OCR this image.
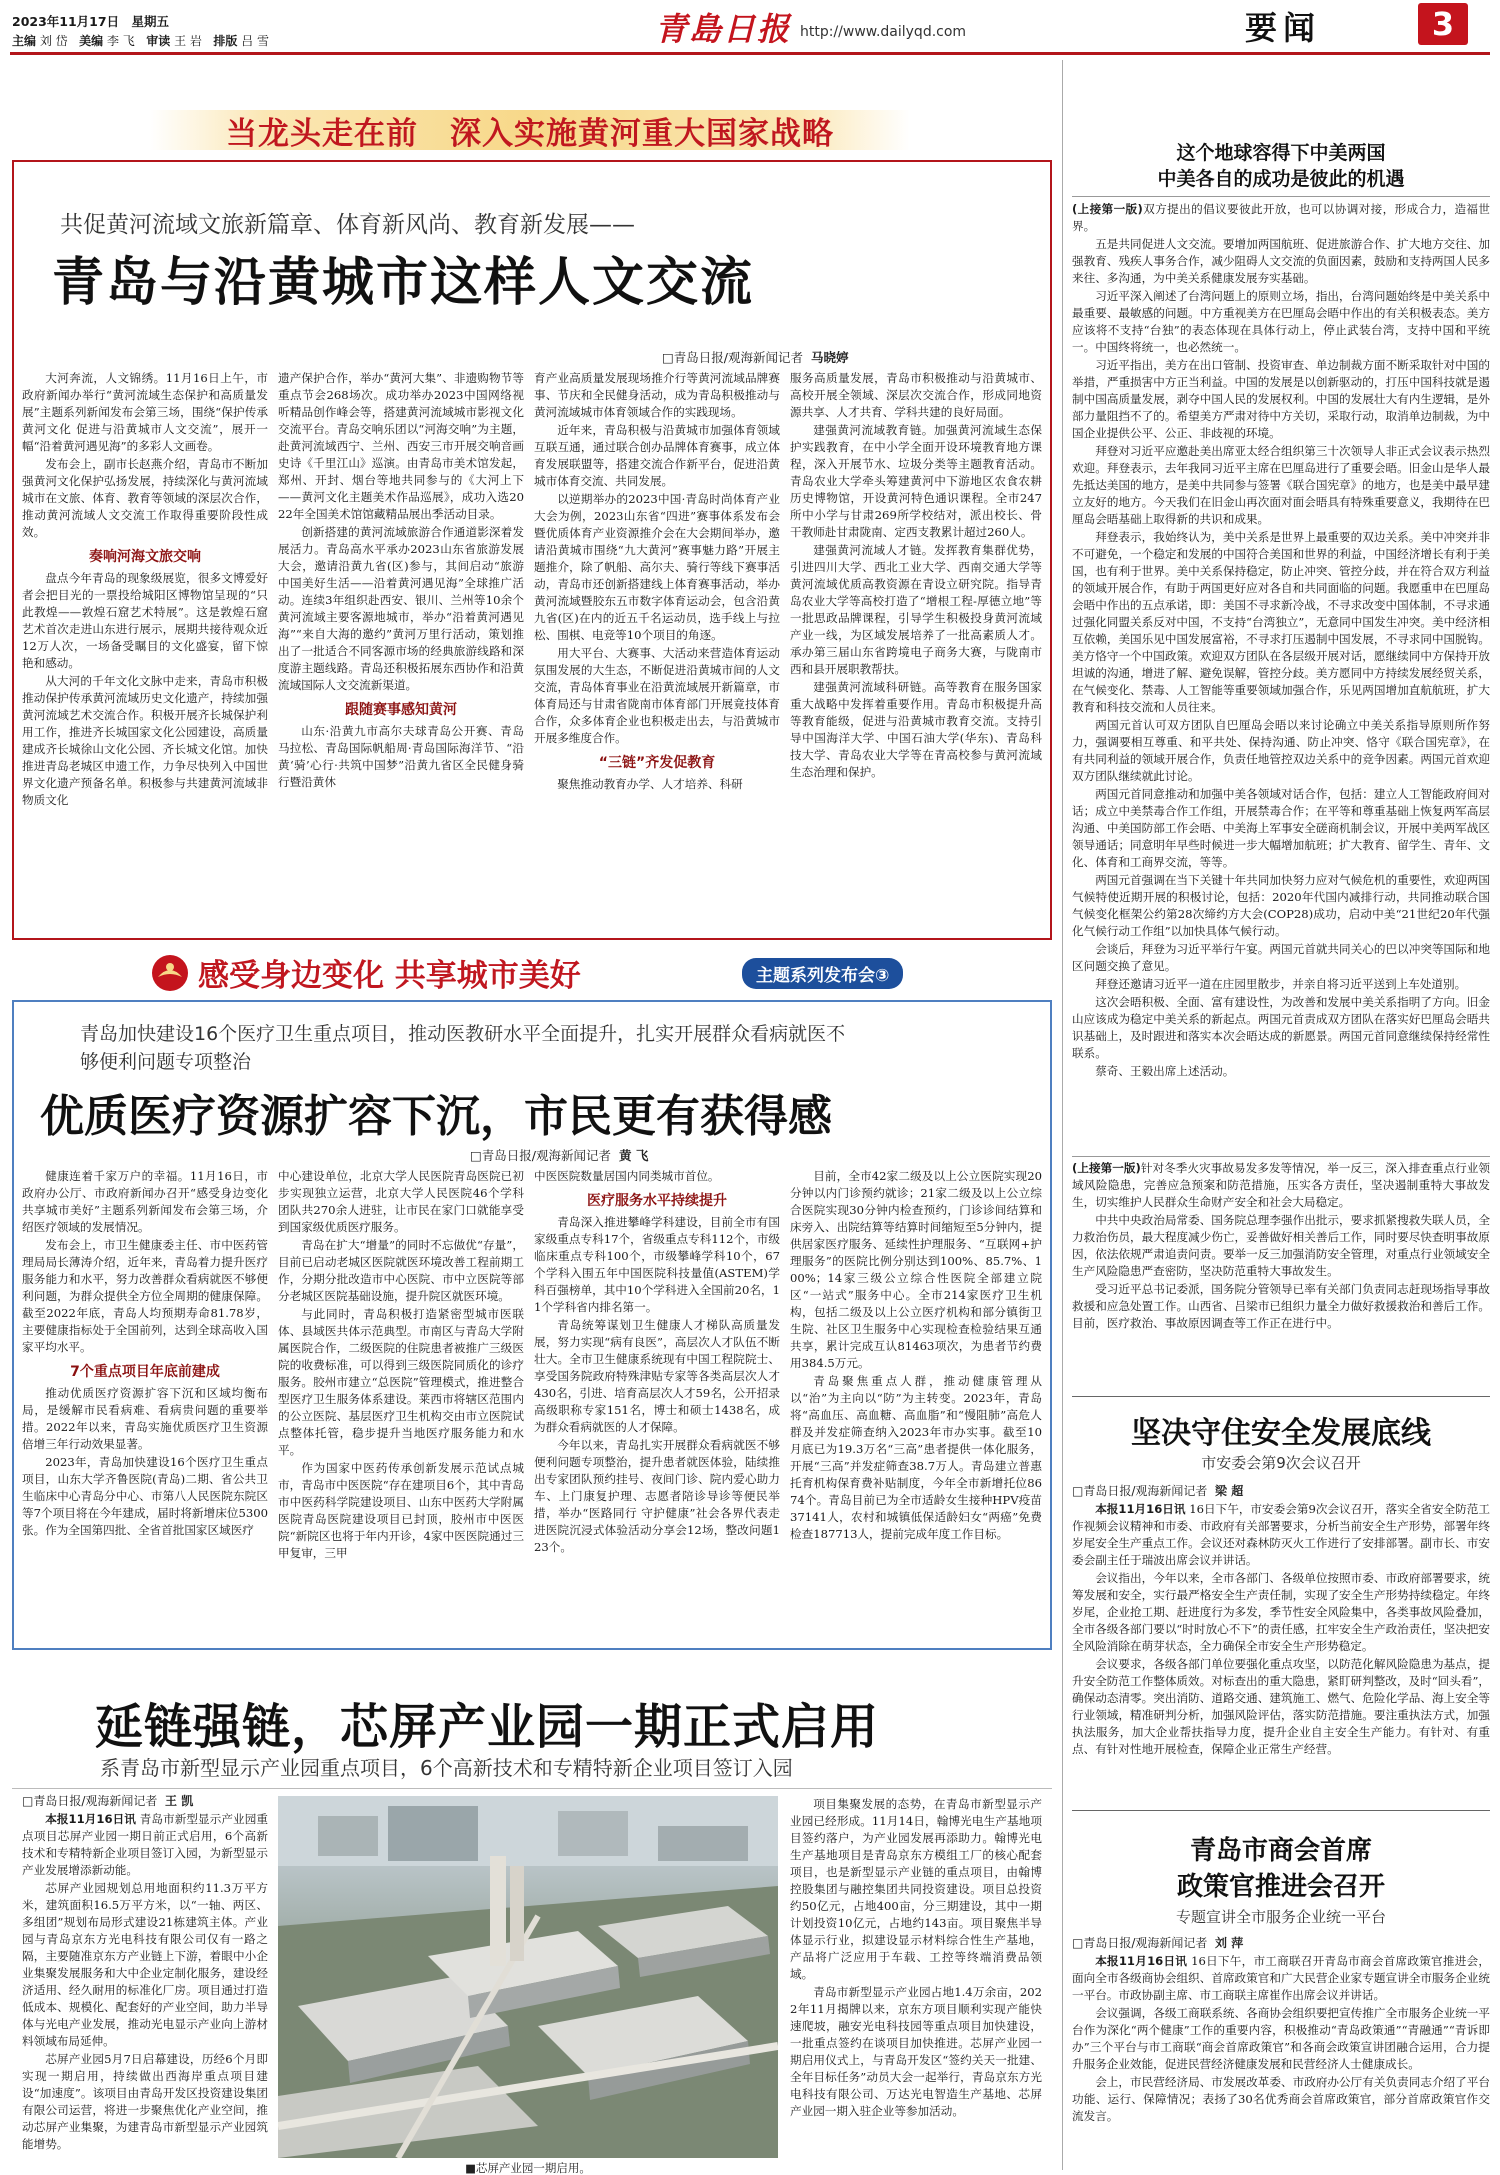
2023年11月17日 星期五
主编 刘 岱 美编 李 飞 审读 王 岩 排版 吕 雪	青島日报 http://www.dailyqd.com	要闻	3
当龙头走在前　深入实施黄河重大国家战略
共促黄河流域文旅新篇章、体育新风尚、教育新发展——
青岛与沿黄城市这样人文交流
□青岛日报/观海新闻记者 马晓婷

大河奔流，人文锦绣。11月16日上午，市政府新闻办举行“黄河流域生态保护和高质量发展”主题系列新闻发布会第三场，围绕“保护传承黄河文化 促进与沿黄城市人文交流”，展开一幅“沿着黄河遇见海”的多彩人文画卷。

发布会上，副市长赵燕介绍，青岛市不断加强黄河文化保护弘扬发展，持续深化与黄河流域城市在文旅、体育、教育等领域的深层次合作，推动黄河流域人文交流工作取得重要阶段性成效。

奏响河海文旅交响

盘点今年青岛的现象级展览，很多文博爱好者会把目光的一票投给城阳区博物馆呈现的“只此教煌——敦煌石窟艺术特展”。这是敦煌石窟艺术首次走进山东进行展示，展期共接待观众近12万人次，一场备受瞩目的文化盛宴，留下惊艳和感动。

从大河的千年文化文脉中走来，青岛市积极推动保护传承黄河流域历史文化遗产，持续加强黄河流域艺术交流合作。积极开展齐长城保护利用工作，推进齐长城国家文化公园建设，高质量建成齐长城徐山文化公园、齐长城文化馆。加快推进青岛老城区申遗工作，力争尽快列入中国世界文化遗产预备名单。积极参与共建黄河流域非物质文化

遗产保护合作，举办“黄河大集”、非遗购物节等重点节会268场次。成功举办2023中国网络视听精品创作峰会等，搭建黄河流域城市影视文化交流平台。青岛交响乐团以“河海交响”为主题，赴黄河流域西宁、兰州、西安三市开展交响音画史诗《千里江山》巡演。由青岛市美术馆发起，郑州、开封、烟台等地共同参与的《大河上下——黄河文化主题美术作品巡展》，成功入选2022年全国美术馆馆藏精品展出季活动目录。

创新搭建的黄河流域旅游合作通道影深着发展活力。青岛高水平承办2023山东省旅游发展大会，邀请沿黄九省(区)参与，其间启动“旅游中国美好生活——沿着黄河遇见海”全球推广活动。连续3年组织赴西安、银川、兰州等10余个黄河流域主要客源地城市，举办“沿着黄河遇见海”“来自大海的邀约”黄河万里行活动，策划推出了一批适合不同客源市场的经典旅游线路和深度游主题线路。青岛还积极拓展东西协作和沿黄流域国际人文交流新渠道。

跟随赛事感知黄河

山东·沿黄九市高尔夫球青岛公开赛、青岛马拉松、青岛国际帆船周·青岛国际海洋节、“沿黄‘骑’心行·共筑中国梦”沿黄九省区全民健身骑行暨沿黄休

育产业高质量发展现场推介行等黄河流域品牌赛事、节庆和全民健身活动，成为青岛积极推动与黄河流域城市体育领域合作的实践现场。

近年来，青岛积极与沿黄城市加强体育领域互联互通，通过联合创办品牌体育赛事，成立体育发展联盟等，搭建交流合作新平台，促进沿黄城市体育交流、共同发展。

以逆期举办的2023中国·青岛时尚体育产业大会为例，2023山东省“四进”赛事体系发布会暨优质体育产业资源推介会在大会期间举办，邀请沿黄城市围绕“九大黄河”赛事魅力路”开展主题推介，除了帆船、高尔夫、骑行等线下赛事活动，青岛市还创新搭建线上体育赛事活动，举办黄河流域暨胶东五市数字体育运动会，包含沿黄九省(区)在内的近五千名运动员，选手线上与拉松、围棋、电竞等10个项目的角逐。

用大平台、大赛事、大活动来营造体育运动氛围发展的大生态，不断促进沿黄城市间的人文交流，青岛体育事业在沿黄流域展开新篇章，市体育局还与甘肃省陇南市体育部门开展竟技体育合作，众多体育企业也积极走出去，与沿黄城市开展多维度合作。

“三链”齐发促教育

聚焦推动教育办学、人才培养、科研

服务高质量发展，青岛市积极推动与沿黄城市、高校开展全领域、深层次交流合作，形成同地资源共享、人才共育、学科共建的良好局面。

建强黄河流域教育链。加强黄河流域生态保护实践教育，在中小学全面开设环境教育地方课程，深入开展节水、垃圾分类等主题教育活动。青岛农业大学牵头筹建黄河中下游地区农食农耕历史博物馆，开设黄河特色通识课程。全市247所中小学与甘肃269所学校结对，派出校长、骨干教师赴甘肃陇南、定西支教累计超过260人。

建强黄河流域人才链。发挥教育集群优势，引进四川大学、西北工业大学、西南交通大学等黄河流域优质高教资源在青设立研究院。指导青岛农业大学等高校打造了“增根工程-厚德立地”等一批思政品牌课程，引导学生积极投身黄河流域产业一线，为区域发展培养了一批高素质人才。承办第三届山东省跨境电子商务大赛，与陇南市西和县开展职教帮扶。

建强黄河流域科研链。高等教育在服务国家重大战略中发挥着重要作用。青岛市积极提升高等教育能级，促进与沿黄城市教育交流。支持引导中国海洋大学、中国石油大学(华东)、青岛科技大学、青岛农业大学等在青高校参与黄河流域生态治理和保护。

感受身边变化 共享城市美好	主题系列发布会③
青岛加快建设16个医疗卫生重点项目，推动医教研水平全面提升，扎实开展群众看病就医不够便利问题专项整治
优质医疗资源扩容下沉，市民更有获得感
□青岛日报/观海新闻记者 黄 飞

健康连着千家万户的幸福。11月16日，市政府办公厅、市政府新闻办召开“感受身边变化 共享城市美好”主题系列新闻发布会第三场，介绍医疗领域的发展情况。

发布会上，市卫生健康委主任、市中医药管理局局长薄涛介绍，近年来，青岛着力提升医疗服务能力和水平，努力改善群众看病就医不够便利问题，为群众提供全方位全周期的健康保障。截至2022年底，青岛人均预期寿命81.78岁，主要健康指标处于全国前列，达到全球高收入国家平均水平。

7个重点项目年底前建成

推动优质医疗资源扩容下沉和区域均衡布局，是缓解市民看病难、看病贵问题的重要举措。2022年以来，青岛实施优质医疗卫生资源倍增三年行动效果显著。

2023年，青岛加快建设16个医疗卫生重点项目，山东大学齐鲁医院(青岛)二期、省公共卫生临床中心青岛分中心、市第八人民医院东院区等7个项目将在今年建成，届时将新增床位5300张。作为全国第四批、全省首批国家区域医疗

中心建设单位，北京大学人民医院青岛医院已初步实现独立运营，北京大学人民医院46个学科团队共270余人进驻，让市民在家门口就能享受到国家级优质医疗服务。

青岛在扩大“增量”的同时不忘做优“存量”，目前已启动老城区医院就医环境改善工程前期工作，分期分批改造市中心医院、市中立医院等部分老城区医院基础设施，提升院区就医环境。

与此同时，青岛积极打造紧密型城市医联体、县域医共体示范典型。市南区与青岛大学附属医院合作，二级医院的住院患者被推广三级医院的收费标准，可以得到三级医院同质化的诊疗服务。胶州市建立“总医院”管理模式，推进整合型医疗卫生服务体系建设。莱西市将辖区范围内的公立医院、基层医疗卫生机构交由市立医院试点整体托管，稳步提升当地医疗服务能力和水平。

作为国家中医药传承创新发展示范试点城市，青岛市中医医院“存在建项目6个，其中青岛市中医药科学院建设项目、山东中医药大学附属医院青岛医院建设项目已封顶，胶州市中医医院“新院区也将于年内开诊，4家中医医院通过三甲复审，三甲

中医医院数量居国内同类城市首位。

医疗服务水平持续提升

青岛深入推进攀峰学科建设，目前全市有国家级重点专科17个，省级重点专科112个，市级临床重点专科100个，市级攀峰学科10个，67个学科入围五年中国医院科技量值(ASTEM)学科百强榜单，其中10个学科进入全国前20名，11个学科省内排名第一。

青岛统筹谋划卫生健康人才梯队高质量发展，努力实现“病有良医”，高层次人才队伍不断壮大。全市卫生健康系统现有中国工程院院士、享受国务院政府特殊津贴专家等各类高层次人才430名，引进、培育高层次人才59名，公开招录高级职称专家151名，博士和硕士1438名，成为群众看病就医的人才保障。

今年以来，青岛扎实开展群众看病就医不够便利问题专项整治，提升患者就医体验，陆续推出专家团队预约挂号、夜间门诊、院内爱心助力车、上门康复护理、志愿者陪诊导诊等便民举措，举办“医路同行 守护健康”社会各界代表走进医院沉浸式体验活动分享会12场，整改问题123个。

目前，全市42家二级及以上公立医院实现20分钟以内门诊预约就诊；21家二级及以上公立综合医院实现30分钟内检查预约，门诊诊间结算和床旁入、出院结算等结算时间缩短至5分钟内，提供居家医疗服务、延续性护理服务、“互联网+护理服务”的医院比例分别达到100%、85.7%、100%；14家三级公立综合性医院全部建立院区“一站式”服务中心。全市214家医疗卫生机构，包括二级及以上公立医疗机构和部分镇街卫生院、社区卫生服务中心实现检查检验结果互通共享，累计完成互认81463项次，为患者节约费用384.5万元。

青岛聚焦重点人群，推动健康管理从以“治”为主向以“防”为主转变。2023年，青岛将“高血压、高血糖、高血脂”和“慢阻肺”高危人群及并发症筛查纳入2023年市办实事。截至10月底已为19.3万名“三高”患者提供一体化服务，开展“三高”并发症筛查38.7万人。青岛建立普惠托育机构保育费补贴制度，今年全市新增托位8674个。青岛目前已为全市适龄女生接种HPV疫苗37141人，农村和城镇低保适龄妇女“两癌”免费检查187713人，提前完成年度工作目标。

延链强链，芯屏产业园一期正式启用
系青岛市新型显示产业园重点项目，6个高新技术和专精特新企业项目签订入园
□青岛日报/观海新闻记者 王 凯

本报11月16日讯 青岛市新型显示产业园重点项目芯屏产业园一期日前正式启用，6个高新技术和专精特新企业项目签订入园，为新型显示产业发展增添新动能。

芯屏产业园规划总用地面积约11.3万平方米，建筑面积16.5万平方米，以“一轴、两区、多组团”规划布局形式建设21栋建筑主体。产业园与青岛京东方光电科技有限公司仅有一路之隔，主要随准京东方产业链上下游，着眼中小企业集聚发展服务和大中企业定制化服务，建设经济适用、经久耐用的标准化厂房。项目通过打造低成本、规模化、配套好的产业空间，助力半导体与光电产业发展，推动光电显示产业向上游材料领域布局延伸。

芯屏产业园5月7日启幕建设，历经6个月即实现一期启用，持续做出西海岸重点项目建设“加速度”。该项目由青岛开发区投资建设集团有限公司运营，将进一步聚焦优化产业空间，推动芯屏产业集聚，为建青岛市新型显示产业园筑能增势。

■芯屏产业园一期启用。

项目集聚发展的态势，在青岛市新型显示产业园已经形成。11月14日，翰博光电生产基地项目签约落户，为产业园发展再添助力。翰博光电生产基地项目是青岛京东方模组工厂的核心配套项目，也是新型显示产业链的重点项目，由翰博控股集团与融控集团共同投资建设。项目总投资约50亿元，占地400亩，分三期建设，其中一期计划投资10亿元，占地约143亩。项目聚焦半导体显示行业，拟建设显示材料综合性生产基地，产品将广泛应用于车载、工控等终端消费品领域。

青岛市新型显示产业园占地1.4万余亩，2022年11月揭牌以来，京东方项目顺利实现产能快速爬坡，融安光电科技园等重点项目加快建设，一批重点签约在谈项目加快推进。芯屏产业园一期启用仪式上，与青岛开发区“签约关天一批建、全年目标任务”动员大会一起举行，青岛京东方光电科技有限公司、万达光电智造生产基地、芯屏产业园一期入驻企业等参加活动。

这个地球容得下中美两国
中美各自的成功是彼此的机遇

(上接第一版)双方提出的倡议要彼此开放，也可以协调对接，形成合力，造福世界。

五是共同促进人文交流。要增加两国航班、促进旅游合作、扩大地方交往、加强教育、残疾人事务合作，减少阻碍人文交流的负面因素，鼓励和支持两国人民多来往、多沟通，为中美关系健康发展夯实基础。

习近平深入阐述了台湾问题上的原则立场，指出，台湾问题始终是中美关系中最重要、最敏感的问题。中方重视美方在巴厘岛会晤中作出的有关积极表态。美方应该将不支持“台独”的表态体现在具体行动上，停止武装台湾，支持中国和平统一。中国终将统一，也必然统一。

习近平指出，美方在出口管制、投资审查、单边制裁方面不断采取针对中国的举措，严重损害中方正当利益。中国的发展是以创新驱动的，打压中国科技就是遏制中国高质量发展，剥夺中国人民的发展权利。中国的发展壮大有内生逻辑，是外部力量阻挡不了的。希望美方严肃对待中方关切，采取行动，取消单边制裁，为中国企业提供公平、公正、非歧视的环境。

拜登对习近平应邀赴美出席亚太经合组织第三十次领导人非正式会议表示热烈欢迎。拜登表示，去年我同习近平主席在巴厘岛进行了重要会晤。旧金山是华人最先抵达美国的地方，是美中共同参与签署《联合国宪章》的地方，也是美中最早建立友好的地方。今天我们在旧金山再次面对面会晤具有特殊重要意义，我期待在巴厘岛会晤基础上取得新的共识和成果。

拜登表示，我始终认为，美中关系是世界上最重要的双边关系。美中冲突并非不可避免，一个稳定和发展的中国符合美国和世界的利益，中国经济增长有利于美国，也有利于世界。美中关系保持稳定，防止冲突、管控分歧，并在符合双方利益的领域开展合作，有助于两国更好应对各自和共同面临的问题。我愿重申在巴厘岛会晤中作出的五点承诺，即：美国不寻求新冷战，不寻求改变中国体制，不寻求通过强化同盟关系反对中国，不支持“台湾独立”，无意同中国发生冲突。美中经济相互依赖，美国乐见中国发展富裕，不寻求打压遏制中国发展，不寻求同中国脱钩。美方恪守一个中国政策。欢迎双方团队在各层级开展对话，愿继续同中方保持开放坦诚的沟通，增进了解、避免误解，管控分歧。美方愿同中方持续发展经贸关系，在气候变化、禁毒、人工智能等重要领域加强合作，乐见两国增加直航航班，扩大教育和科技交流和人员往来。

两国元首认可双方团队自巴厘岛会晤以来讨论确立中美关系指导原则所作努力，强调要相互尊重、和平共处、保持沟通、防止冲突、恪守《联合国宪章》，在有共同利益的领域开展合作，负责任地管控双边关系中的竞争因素。两国元首欢迎双方团队继续就此讨论。

两国元首同意推动和加强中美各领域对话合作，包括：建立人工智能政府间对话；成立中美禁毒合作工作组，开展禁毒合作；在平等和尊重基础上恢复两军高层沟通、中美国防部工作会晤、中美海上军事安全磋商机制会议，开展中美两军战区领导通话；同意明年早些时候进一步大幅增加航班；扩大教育、留学生、青年、文化、体育和工商界交流，等等。

两国元首强调在当下关键十年共同加快努力应对气候危机的重要性，欢迎两国气候特使近期开展的积极讨论，包括：2020年代国内减排行动，共同推动联合国气候变化框架公约第28次缔约方大会(COP28)成功，启动中美“21世纪20年代强化气候行动工作组”以加快具体气候行动。

会谈后，拜登为习近平举行午宴。两国元首就共同关心的巴以冲突等国际和地区问题交换了意见。

拜登还邀请习近平一道在庄园里散步，并亲自将习近平送到上车处道别。

这次会晤积极、全面、富有建设性，为改善和发展中美关系指明了方向。旧金山应该成为稳定中美关系的新起点。两国元首责成双方团队在落实好巴厘岛会晤共识基础上，及时跟进和落实本次会晤达成的新愿景。两国元首同意继续保持经常性联系。

蔡奇、王毅出席上述活动。

(上接第一版)针对冬季火灾事故易发多发等情况，举一反三，深入排查重点行业领域风险隐患，完善应急预案和防范措施，压实各方责任，坚决遏制重特大事故发生，切实维护人民群众生命财产安全和社会大局稳定。

中共中央政治局常委、国务院总理李强作出批示，要求抓紧搜救失联人员，全力救治伤员，最大程度减少伤亡，妥善做好相关善后工作，同时要尽快查明事故原因，依法依规严肃追责问责。要举一反三加强消防安全管理，对重点行业领域安全生产风险隐患严查密防，坚决防范重特大事故发生。

受习近平总书记委派，国务院分管领导已率有关部门负责同志赶现场指导事故救援和应急处置工作。山西省、吕梁市已组织力量全力做好救援救治和善后工作。目前，医疗救治、事故原因调查等工作正在进行中。

坚决守住安全发展底线
市安委会第9次会议召开
□青岛日报/观海新闻记者 梁 超

本报11月16日讯 16日下午，市安委会第9次会议召开，落实全省安全防范工作视频会议精神和市委、市政府有关部署要求，分析当前安全生产形势，部署年终岁尾安全生产重点工作。会议还对森林防灭火工作进行了安排部署。副市长、市安委会副主任于瑞波出席会议并讲话。

会议指出，今年以来，全市各部门、各级单位按照市委、市政府部署要求，统筹发展和安全，实行最严格安全生产责任制，实现了安全生产形势持续稳定。年终岁尾，企业抢工期、赶进度行为多发，季节性安全风险集中，各类事故风险叠加，全市各级各部门要以“时时放心不下”的责任感，扛牢安全生产政治责任，坚决把安全风险消除在萌芽状态，全力确保全市安全生产形势稳定。

会议要求，各级各部门单位要强化重点攻坚，以防范化解风险隐患为基点，提升安全防范工作整体质效。对标查出的重大隐患，紧盯研判整改，及时“回头看”，确保动态清零。突出消防、道路交通、建筑施工、燃气、危险化学品、海上安全等行业领域，精准研判分析，加强风险评估，落实防范措施。要注重执法方式，加强执法服务，加大企业帮扶指导力度，提升企业自主安全生产能力。有针对、有重点、有针对性地开展检查，保障企业正常生产经营。

青岛市商会首席
政策官推进会召开
专题宣讲全市服务企业统一平台
□青岛日报/观海新闻记者 刘 萍

本报11月16日讯 16日下午，市工商联召开青岛市商会首席政策官推进会，面向全市各级商协会组织、首席政策官和广大民营企业家专题宣讲全市服务企业统一平台。市政协副主席、市工商联主席崔作出席会议并讲话。

会议强调，各级工商联系统、各商协会组织要把宣传推广全市服务企业统一平台作为深化“两个健康”工作的重要内容，积极推动“青岛政策通”“青融通”“青诉即办”三个平台与市工商联“商会首席政策官”和各商会政策宣讲团融合运用，合力提升服务企业效能，促进民营经济健康发展和民营经济人士健康成长。

会上，市民营经济局、市发展改革委、市政府办公厅有关负责同志介绍了平台功能、运行、保障情况；表扬了30名优秀商会首席政策官，部分首席政策官作交流发言。
